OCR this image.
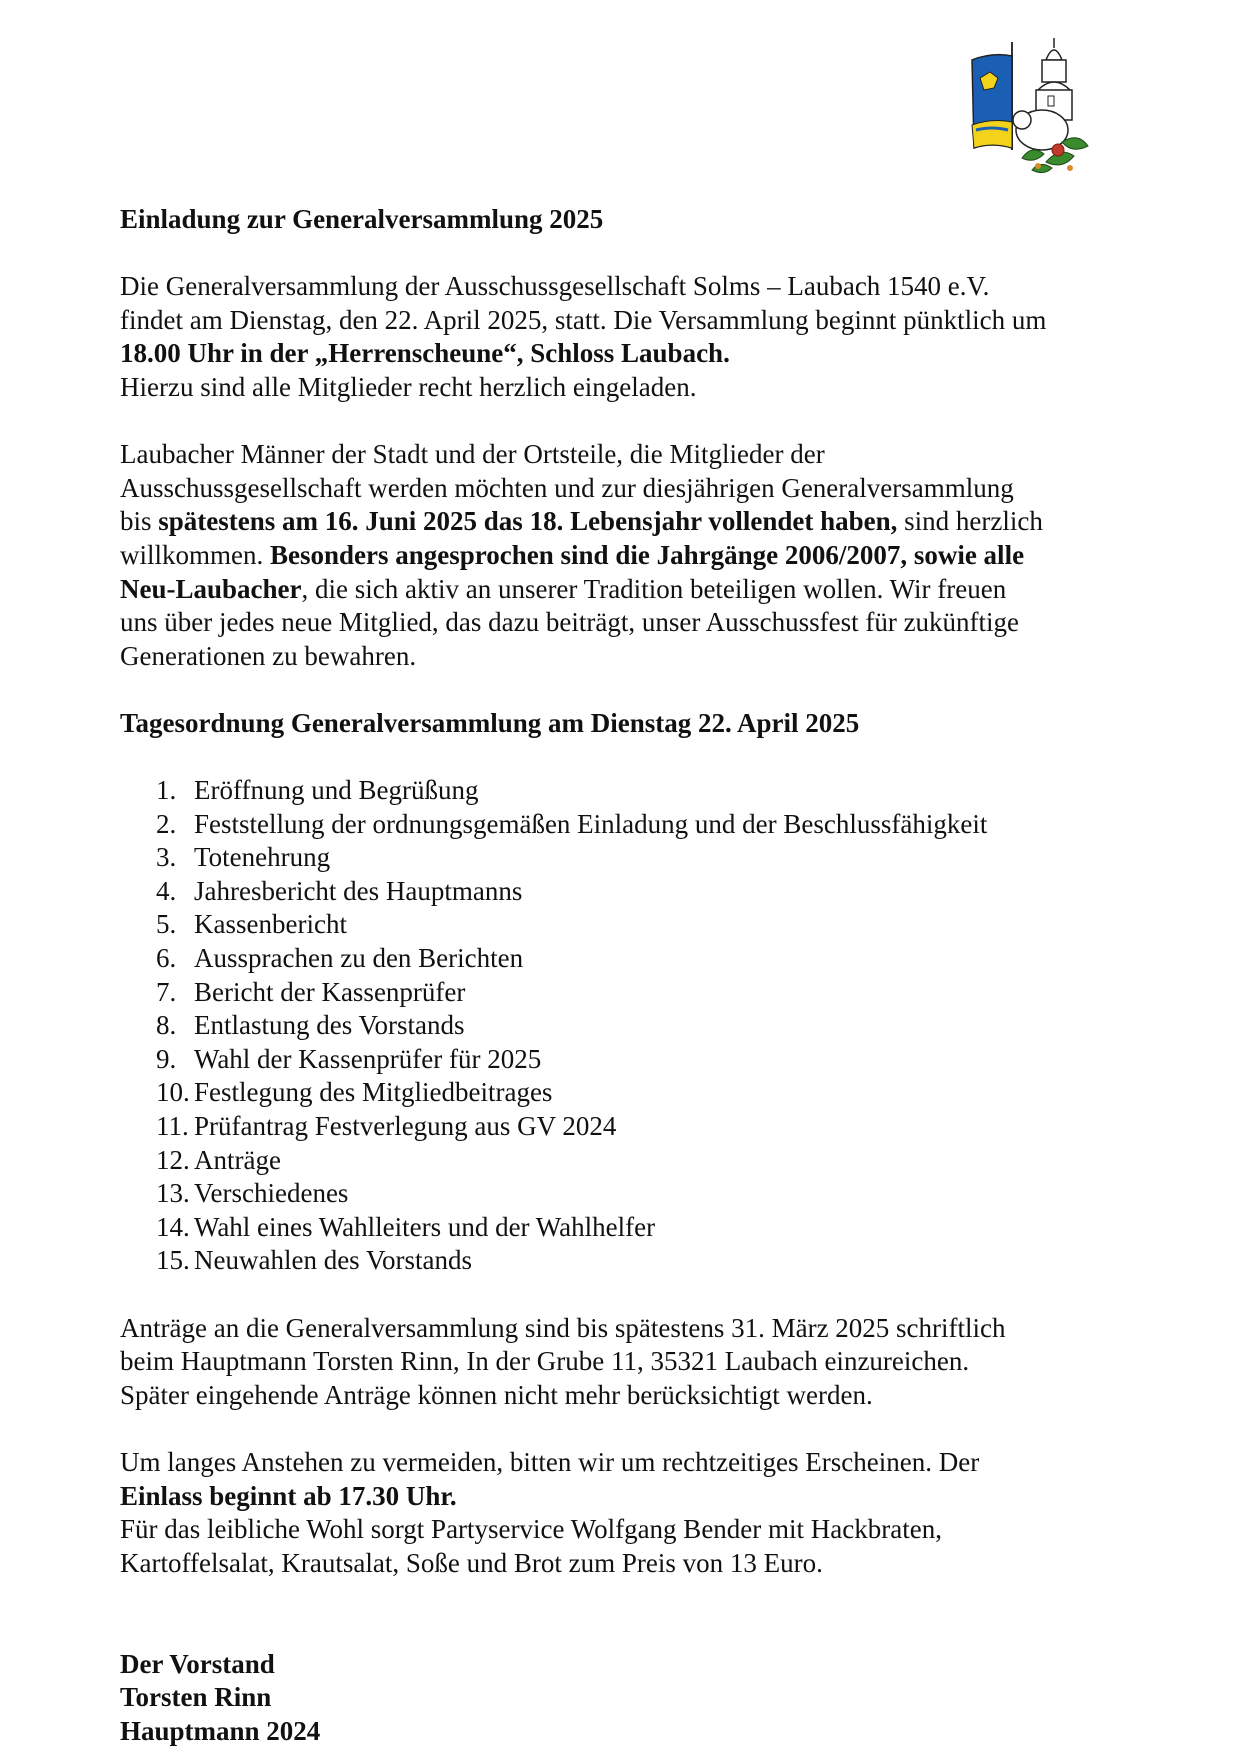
Einladung zur Generalversammlung 2025

Die Generalversammlung der Ausschussgesellschaft Solms – Laubach 1540 e.V.

findet am Dienstag, den 22. April 2025, statt. Die Versammlung beginnt pünktlich um

18.00 Uhr in der „Herrenscheune“, Schloss Laubach.

Hierzu sind alle Mitglieder recht herzlich eingeladen.

Laubacher Männer der Stadt und der Ortsteile, die Mitglieder der

Ausschussgesellschaft werden möchten und zur diesjährigen Generalversammlung

bis spätestens am 16. Juni 2025 das 18. Lebensjahr vollendet haben, sind herzlich

willkommen. Besonders angesprochen sind die Jahrgänge 2006/2007, sowie alle

Neu-Laubacher, die sich aktiv an unserer Tradition beteiligen wollen. Wir freuen

uns über jedes neue Mitglied, das dazu beiträgt, unser Ausschussfest für zukünftige

Generationen zu bewahren.

Tagesordnung Generalversammlung am Dienstag 22. April 2025

1. Eröffnung und Begrüßung
2. Feststellung der ordnungsgemäßen Einladung und der Beschlussfähigkeit
3. Totenehrung
4. Jahresbericht des Hauptmanns
5. Kassenbericht
6. Aussprachen zu den Berichten
7. Bericht der Kassenprüfer
8. Entlastung des Vorstands
9. Wahl der Kassenprüfer für 2025
10. Festlegung des Mitgliedbeitrages
11. Prüfantrag Festverlegung aus GV 2024
12. Anträge
13. Verschiedenes
14. Wahl eines Wahlleiters und der Wahlhelfer
15. Neuwahlen des Vorstands

Anträge an die Generalversammlung sind bis spätestens 31. März 2025 schriftlich

beim Hauptmann Torsten Rinn, In der Grube 11, 35321 Laubach einzureichen.

Später eingehende Anträge können nicht mehr berücksichtigt werden.

Um langes Anstehen zu vermeiden, bitten wir um rechtzeitiges Erscheinen. Der

Einlass beginnt ab 17.30 Uhr.

Für das leibliche Wohl sorgt Partyservice Wolfgang Bender mit Hackbraten,

Kartoffelsalat, Krautsalat, Soße und Brot zum Preis von 13 Euro.

Der Vorstand

Torsten Rinn

Hauptmann 2024
